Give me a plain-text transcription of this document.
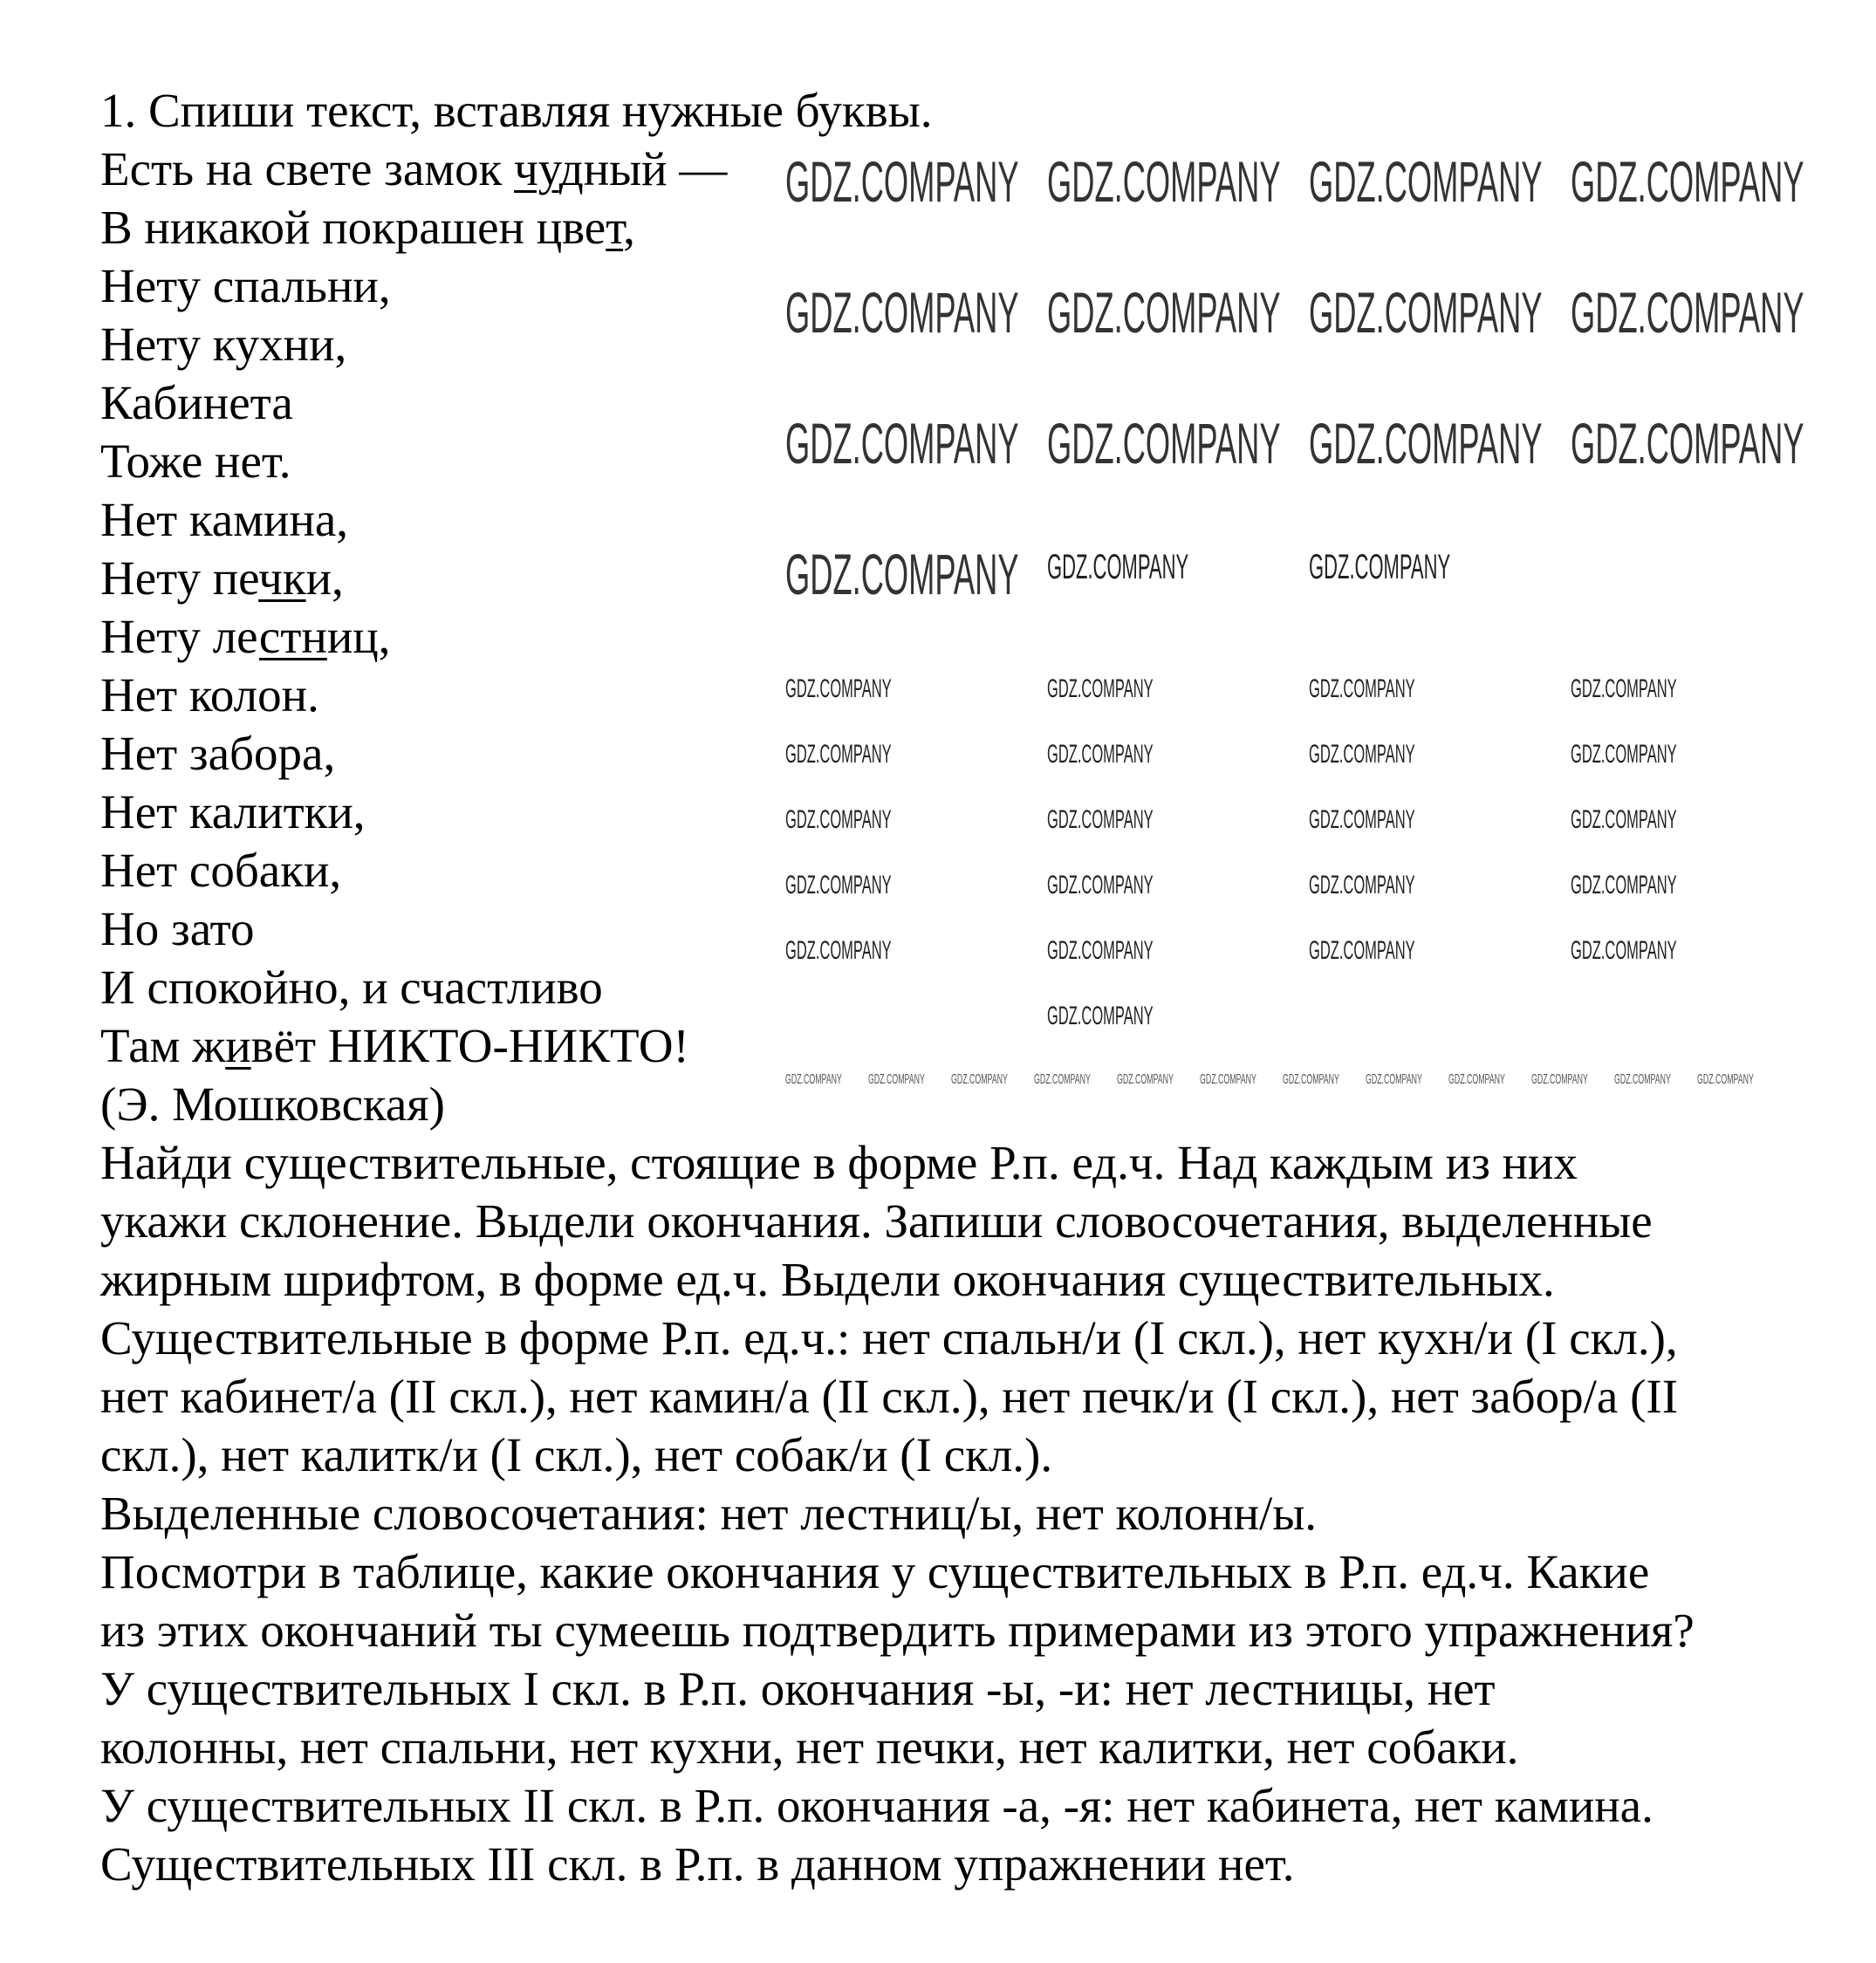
1. Спиши текст, вставляя нужные буквы.
Есть на свете замок чудный —
В никакой покрашен цвет,
Нету спальни,
Нету кухни,
Кабинета
Тоже нет.
Нет камина,
Нету печки,
Нету лестниц,
Нет колон.
Нет забора,
Нет калитки,
Нет собаки,
Но зато
И спокойно, и счастливо
Там живёт НИКТО-НИКТО!
(Э. Мошковская)
Найди существительные, стоящие в форме Р.п. ед.ч. Над каждым из них
укажи склонение. Выдели окончания. Запиши словосочетания, выделенные
жирным шрифтом, в форме ед.ч. Выдели окончания существительных.
Существительные в форме Р.п. ед.ч.: нет спальн/и (I скл.), нет кухн/и (I скл.),
нет кабинет/а (II скл.), нет камин/а (II скл.), нет печк/и (I скл.), нет забор/а (II
скл.), нет калитк/и (I скл.), нет собак/и (I скл.).
Выделенные словосочетания: нет лестниц/ы, нет колонн/ы.
Посмотри в таблице, какие окончания у существительных в Р.п. ед.ч. Какие
из этих окончаний ты сумеешь подтвердить примерами из этого упражнения?
У существительных I скл. в Р.п. окончания -ы, -и: нет лестницы, нет
колонны, нет спальни, нет кухни, нет печки, нет калитки, нет собаки.
У существительных II скл. в Р.п. окончания -а, -я: нет кабинета, нет камина.
Существительных III скл. в Р.п. в данном упражнении нет.
GDZ.COMPANY GDZ.COMPANY GDZ.COMPANY GDZ.COMPANY
GDZ.COMPANY GDZ.COMPANY GDZ.COMPANY GDZ.COMPANY
GDZ.COMPANY GDZ.COMPANY GDZ.COMPANY GDZ.COMPANY
GDZ.COMPANY GDZ.COMPANY	GDZ.COMPANY
GDZ.COMPANY	GDZ.COMPANY	GDZ.COMPANY	GDZ.COMPANY
GDZ.COMPANY	GDZ.COMPANY	GDZ.COMPANY	GDZ.COMPANY
GDZ.COMPANY	GDZ.COMPANY	GDZ.COMPANY	GDZ.COMPANY
GDZ.COMPANY	GDZ.COMPANY	GDZ.COMPANY	GDZ.COMPANY
GDZ.COMPANY	GDZ.COMPANY	GDZ.COMPANY	GDZ.COMPANY
GDZ.COMPANY
GDZ.COMPANY GDZ.COMPANY GDZ.COMPANY GDZ.COMPANY GDZ.COMPANY GDZ.COMPANY GDZ.COMPANY GDZ.COMPANY GDZ.COMPANY GDZ.COMPANY GDZ.COMPANY GDZ.COMPANY
